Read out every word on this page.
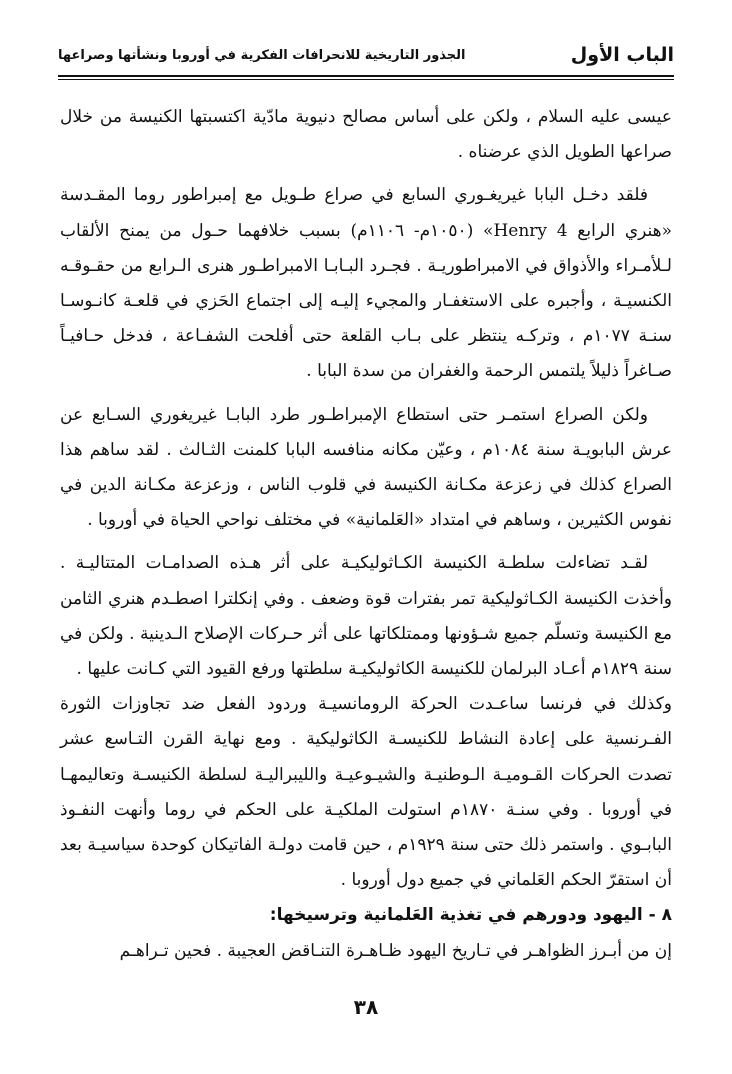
الباب الأول
الجذور التاريخية للانحرافات الفكرية في أوروبا ونشأتها وصراعها

عيسى عليه السلام ، ولكن على أساس مصالح دنيوية مادّية اكتسبتها الكنيسة من خلال صراعها الطويل الذي عرضناه .

فلقد دخـل البابا غيريغـوري السابع في صراع طـويل مع إمبراطور روما المقـدسة «هنري الرابع Henry 4» (١٠٥٠م- ١١٠٦م) بسبب خلافهما حـول من يمنح الألقاب لـلأمـراء والأذواق في الامبراطوريـة . فجـرد البـابـا الامبراطـور هنرى الـرابع من حقـوقـه الكنسيـة ، وأجبره على الاستغفـار والمجيء إليـه إلى اجتماع الحَزي في قلعـة كانـوسـا سنـة ١٠٧٧م ، وتركـه ينتظر على بـاب القلعة حتى أفلحت الشفـاعة ، فدخل حـافيـاً صـاغراً ذليلاً يلتمس الرحمة والغفران من سدة البابا .

ولكن الصراع استمـر حتى استطاع الإمبراطـور طرد البابـا غيريغوري السـابع عن عرش البابويـة سنة ١٠٨٤م ، وعيّن مكانه منافسه البابا كلمنت الثـالث . لقد ساهم هذا الصراع كذلك في زعزعة مكـانة الكنيسة في قلوب الناس ، وزعزعة مكـانة الدين في نفوس الكثيرين ، وساهم في امتداد «العَلمانية» في مختلف نواحي الحياة في أوروبا .

لقـد تضاءلت سلطـة الكنيسة الكـاثوليكيـة على أثر هـذه الصدامـات المتتاليـة . وأخذت الكنيسة الكـاثوليكية تمر بفترات قوة وضعف . وفي إنكلترا اصطـدم هنري الثامن مع الكنيسة وتسلّم جميع شـؤونها وممتلكاتها على أثر حـركات الإصلاح الـدينية . ولكن في سنة ١٨٢٩م أعـاد البرلمان للكنيسة الكاثوليكيـة سلطتها ورفع القيود التي كـانت عليها .

وكذلك في فرنسا ساعـدت الحركة الرومانسيـة وردود الفعل ضد تجاوزات الثورة الفـرنسية على إعادة النشاط للكنيسـة الكاثوليكية . ومع نهاية القرن التـاسع عشر تصدت الحركات القـوميـة الـوطنيـة والشيـوعيـة والليبراليـة لسلطة الكنيسـة وتعاليمهـا في أوروبا . وفي سنـة ١٨٧٠م استولت الملكيـة على الحكم في روما وأنهت النفـوذ البابـوي . واستمر ذلك حتى سنة ١٩٢٩م ، حين قامت دولـة الفاتيكان كوحدة سياسيـة بعد أن استقرّ الحكم العَلماني في جميع دول أوروبا .

٨ - اليهود ودورهم في تغذية العَلمانية وترسيخها:

إن من أبـرز الظواهـر في تـاريخ اليهود ظـاهـرة التنـاقض العجيبة . فحين تـراهـم

٣٨
